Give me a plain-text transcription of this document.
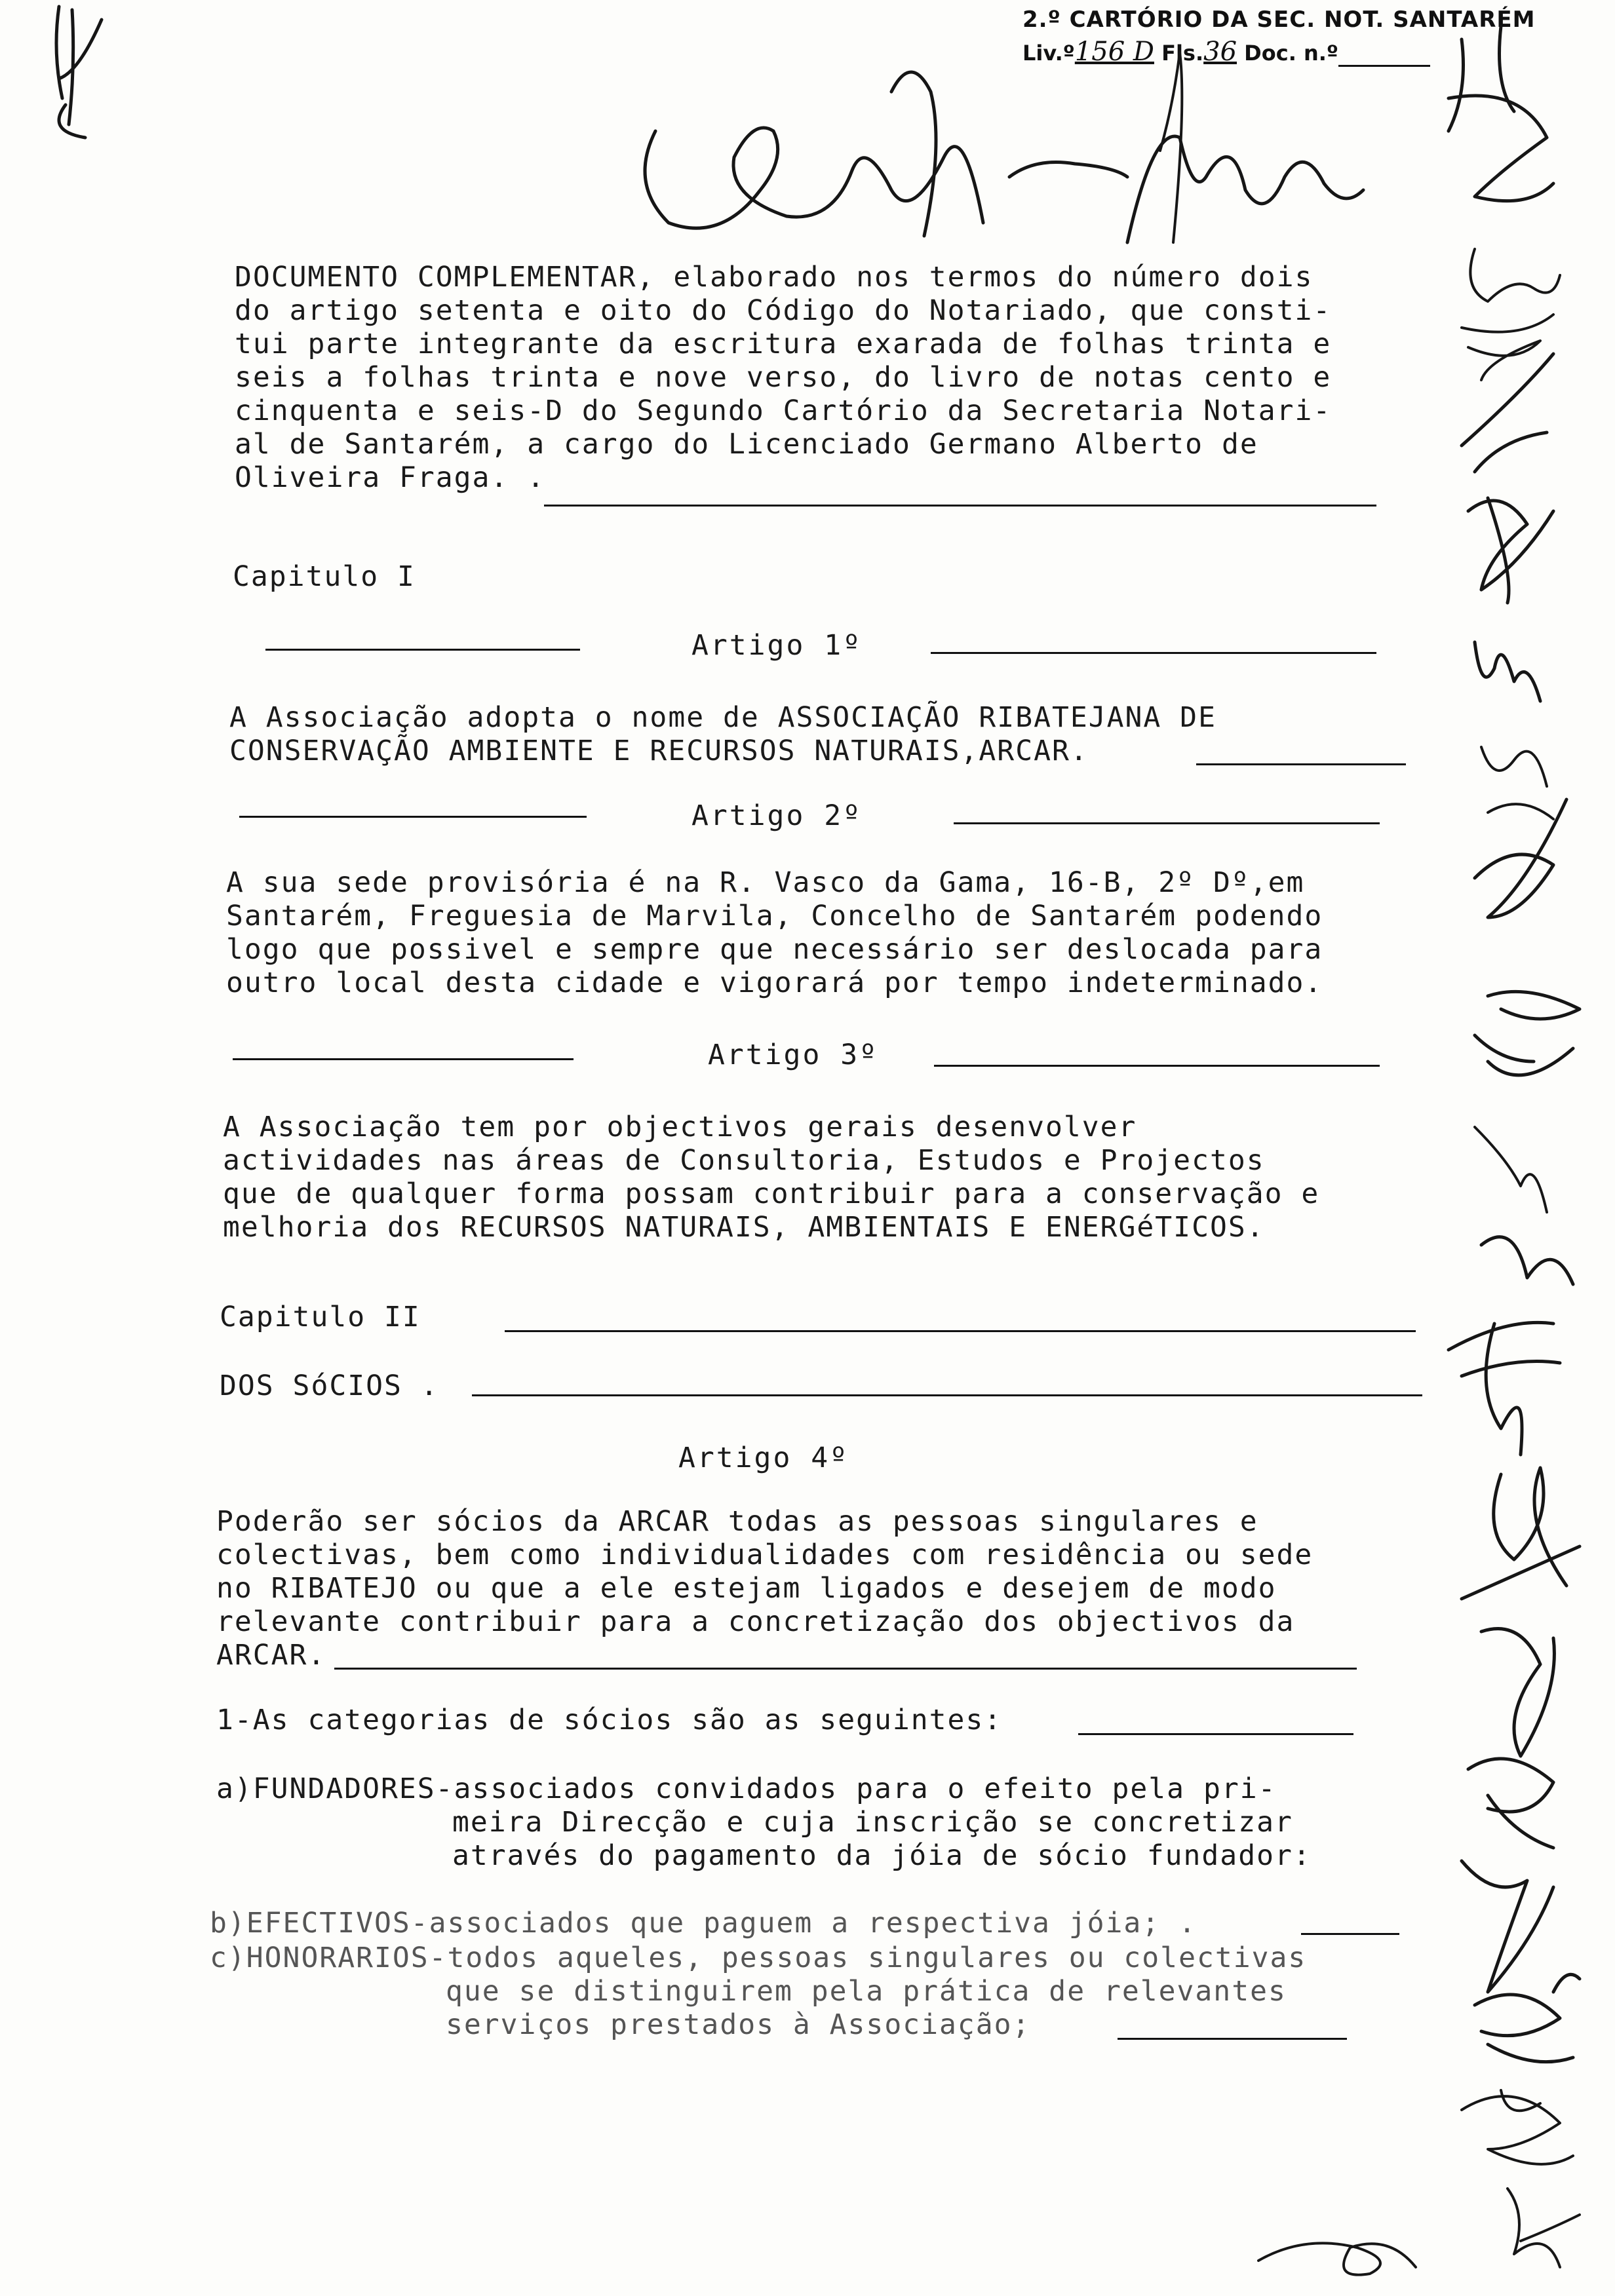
2.º CARTÓRIO DA SEC. NOT. SANTARÉM
Liv.º156 D Fls.36 Doc. n.º
DOCUMENTO COMPLEMENTAR, elaborado nos termos do número dois
do artigo setenta e oito do Código do Notariado, que consti-
tui parte integrante da escritura exarada de folhas trinta e
seis a folhas trinta e nove verso, do livro de notas cento e
cinquenta e seis-D do Segundo Cartório da Secretaria Notari-
al de Santarém, a cargo do Licenciado Germano Alberto de
Oliveira Fraga. .
Capitulo I
Artigo 1º
A Associação adopta o nome de ASSOCIAÇÃO RIBATEJANA DE
CONSERVAÇÃO AMBIENTE E RECURSOS NATURAIS,ARCAR.
Artigo 2º
A sua sede provisória é na R. Vasco da Gama, 16-B, 2º Dº,em
Santarém, Freguesia de Marvila, Concelho de Santarém podendo
logo que possivel e sempre que necessário ser deslocada para
outro local desta cidade e vigorará por tempo indeterminado.
Artigo 3º
A Associação tem por objectivos gerais desenvolver
actividades nas áreas de Consultoria, Estudos e Projectos
que de qualquer forma possam contribuir para a conservação e
melhoria dos RECURSOS NATURAIS, AMBIENTAIS E ENERGéTICOS.
Capitulo II
DOS SóCIOS .
Artigo 4º
Poderão ser sócios da ARCAR todas as pessoas singulares e
colectivas, bem como individualidades com residência ou sede
no RIBATEJO ou que a ele estejam ligados e desejem de modo
relevante contribuir para a concretização dos objectivos da
ARCAR.
1-As categorias de sócios são as seguintes:
a)FUNDADORES-associados convidados para o efeito pela pri-
meira Direcção e cuja inscrição se concretizar
através do pagamento da jóia de sócio fundador:
b)EFECTIVOS-associados que paguem a respectiva jóia; .
c)HONORARIOS-todos aqueles, pessoas singulares ou colectivas
que se distinguirem pela prática de relevantes
serviços prestados à Associação;
